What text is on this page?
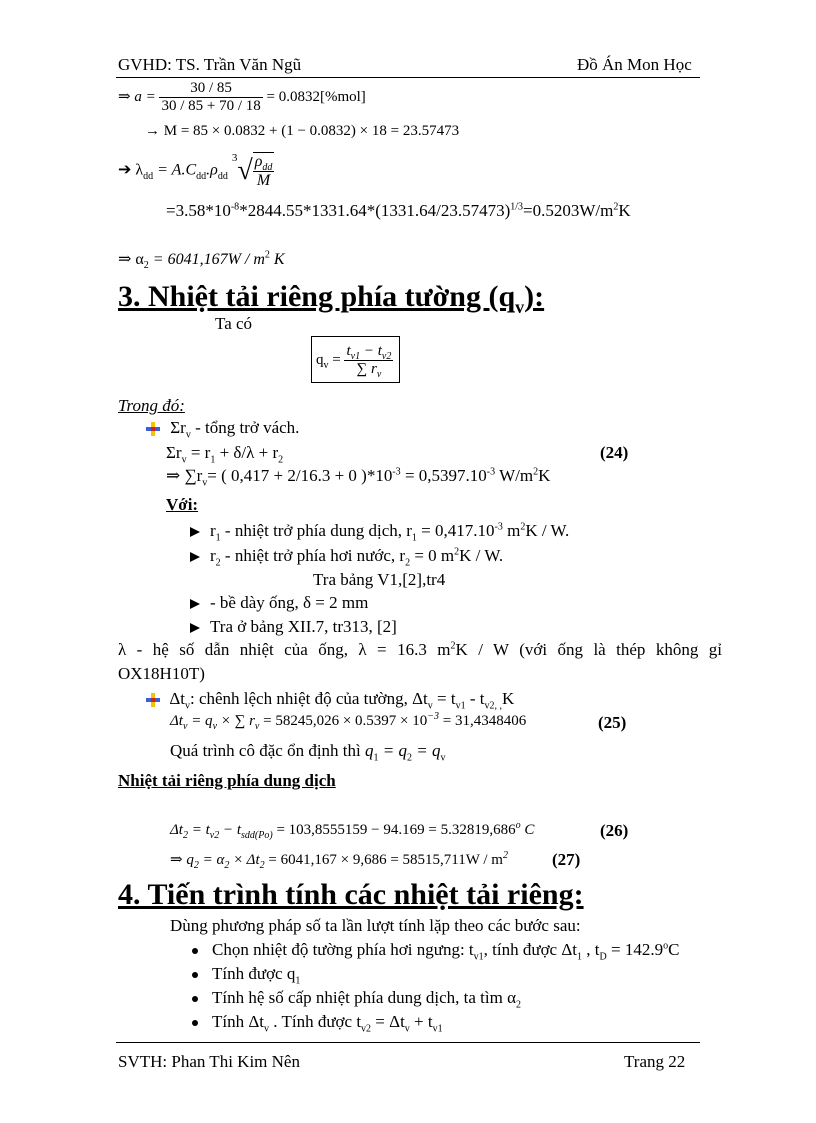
GVHD: TS. Trần Văn Ngũ	Đồ Án Mon Học
⇒ $a = \frac{30 / 85}{30 / 85 + 70 / 18} = 0.0832[\%mol]$
→ M = 85 × 0.0832 + (1 − 0.0832) × 18 = 23.57473
➔ $\lambda_{dd} = A.C_{dd}.\rho_{dd}$ $^3√ \frac{\rho_{dd}}{M}$
$=3.58*10^{-8}*2844.55*1331.64*(1331.64/23.57473)^{1/3}=0.5203W/m^2K$
⇒ $\alpha_2 = 6041,167W / m^2$ K
3. Nhiệt tải riêng phía tường $(q_v)$:
Ta có
$q_v = \frac{t_{v1} - t_{v2}}{\sum r_v}$
Trong đó:
$\Sigma r_v$ - tổng trở vách.
$\Sigma r_v = r_1 + \delta/\lambda + r_2$	(24)
⇒ $\sum r_v=$ ( 0,417 + 2/16.3 + 0 )$*10^{-3} = 0,5397.10^{-3}$ $W/m^2K$
Với:
$r_1$ - nhiệt trở phía dung dịch, $r_1 = 0,417.10^{-3}$ $m^2K$ / W.
$r_2$ - nhiệt trở phía hơi nước, $r_2 = 0$ $m^2K$ / W.
Tra bảng V1,[2],tr4
- bề dày ống, δ = 2 mm
Tra ở bảng XII.7, tr313, [2]
λ - hệ số dẫn nhiệt của ống, λ = 16.3 $m^2K$ / W (với ống là thép không gỉ
OX18H10T)
$\Delta t_v$: chênh lệch nhiệt độ của tường, $\Delta t_v = t_{v1} - t_{v2, ,}K$
$\Delta t_v = q_v$ × ∑ $r_v = 58245,026 \times 0.5397 \times 10^{-3} = 31,4348406$	(25)
Quá trình cô đặc ổn định thì $q_1 = q_2 = q_v$
Nhiệt tải riêng phía dung dịch
$\Delta t_2 = t_{v2} - t_{sdd(Po)} = 103,8555159 - 94.169 = 5.32819,686^o$ C	(26)
⇒ $q_2 = \alpha_2 \times \Delta t_2 = 6041,167 \times 9,686 = 58515,711W / m^2$	(27)
4. Tiến trình tính các nhiệt tải riêng:
Dùng phương pháp số ta lần lượt tính lặp theo các bước sau:
Chọn nhiệt độ tường phía hơi ngưng: $t_{v1}$, tính được $\Delta t_1$ , $t_D = 142.9^oC$
Tính được $q_1$
Tính hệ số cấp nhiệt phía dung dịch, ta tìm $\alpha_2$
Tính $\Delta t_v$ . Tính được $t_{v2} = \Delta t_v + t_{v1}$
SVTH: Phan Thi Kim Nên	Trang 22
